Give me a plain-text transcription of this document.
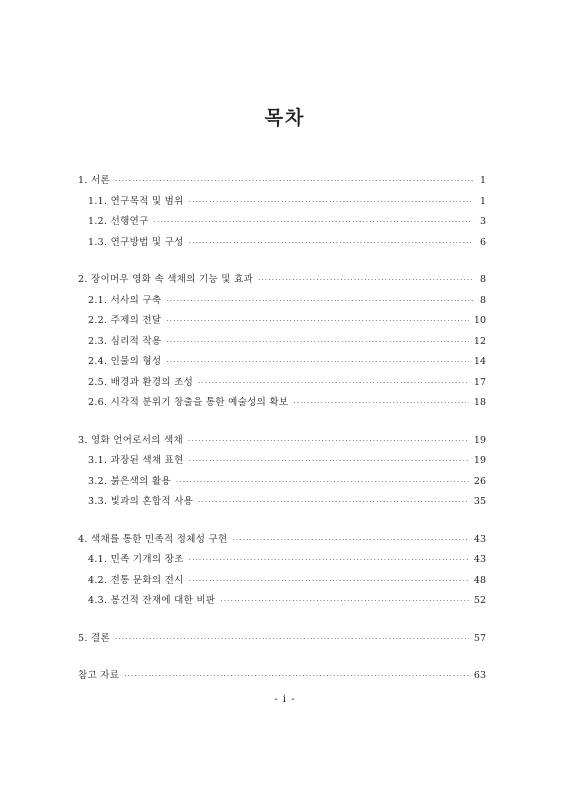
목차
1. 서론 ·····	1
1.1. 연구목적 및 범위 ·····	1
1.2. 선행연구 ·····	3
1.3. 연구방법 및 구성 ·····	6
2. 장이머우 영화 속 색채의 기능 및 효과 ·····	8
2.1. 서사의 구축 ·····	8
2.2. 주제의 전달 ·····	10
2.3. 심리적 작용 ·····	12
2.4. 인물의 형성 ·····	14
2.5. 배경과 환경의 조성 ·····	17
2.6. 시각적 분위기 창출을 통한 예술성의 확보 ·····	18
3. 영화 언어로서의 색채 ·····	19
3.1. 과장된 색채 표현 ·····	19
3.2. 붉은색의 활용 ·····	26
3.3. 빛과의 혼합적 사용 ·····	35
4. 색채를 통한 민족적 정체성 구현 ·····	43
4.1. 민족 기개의 장조 ·····	43
4.2. 전통 문화의 전시 ·····	48
4.3. 봉건적 잔재에 대한 비판 ·····	52
5. 결론 ·····	57
참고 자료 ·····	63
- i -
